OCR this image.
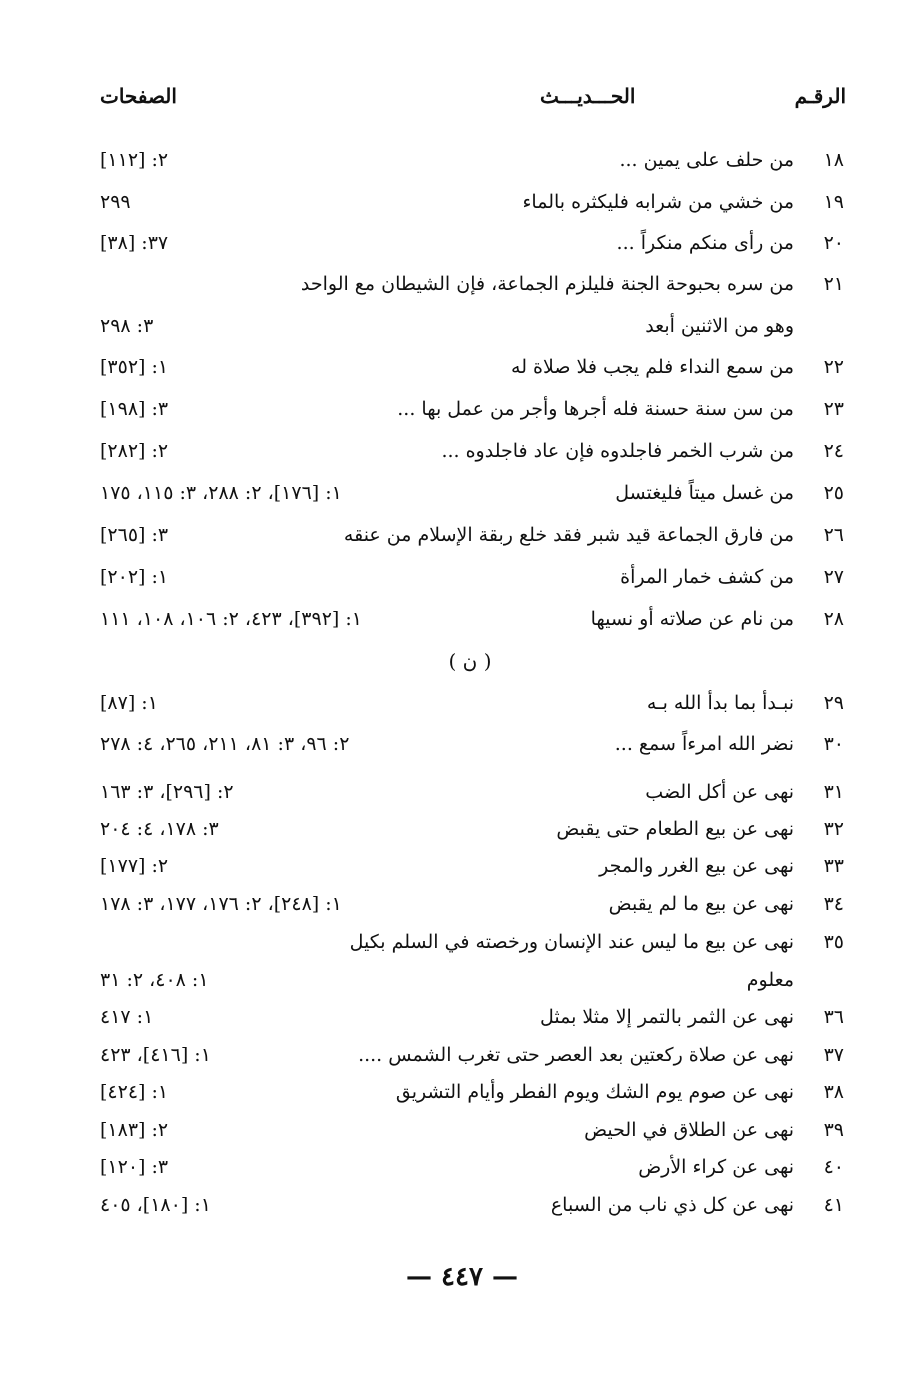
الرقـم
الحـــديـــث
الصفحات
١٨
من حلف على يمين ...
٢: [١١٢]
١٩
من خشي من شرابه فليكثره بالماء
٢٩٩
٢٠
من رأى منكم منكراً ...
٣٧: [٣٨]
٢١
من سره بحبوحة الجنة فليلزم الجماعة، فإن الشيطان مع الواحد
وهو من الاثنين أبعد
٣: ٢٩٨
٢٢
من سمع النداء فلم يجب فلا صلاة له
١: [٣٥٢]
٢٣
من سن سنة حسنة فله أجرها وأجر من عمل بها ...
٣: [١٩٨]
٢٤
من شرب الخمر فاجلدوه فإن عاد فاجلدوه ...
٢: [٢٨٢]
٢٥
من غسل ميتاً فليغتسل
١: [١٧٦]، ٢: ٢٨٨، ٣: ١١٥، ١٧٥
٢٦
من فارق الجماعة قيد شبر فقد خلع ربقة الإسلام من عنقه
٣: [٢٦٥]
٢٧
من كشف خمار المرأة
١: [٢٠٢]
٢٨
من نام عن صلاته أو نسيها
١: [٣٩٢]، ٤٢٣، ٢: ١٠٦، ١٠٨، ١١١
( ن )
٢٩
نبـدأ بما بدأ الله بـه
١: [٨٧]
٣٠
نضر الله امرءاً سمع ...
٢: ٩٦، ٣: ٨١، ٢١١، ٢٦٥، ٤: ٢٧٨
٣١
نهى عن أكل الضب
٢: [٢٩٦]، ٣: ١٦٣
٣٢
نهى عن بيع الطعام حتى يقبض
٣: ١٧٨، ٤: ٢٠٤
٣٣
نهى عن بيع الغرر والمجر
٢: [١٧٧]
٣٤
نهى عن بيع ما لم يقبض
١: [٢٤٨]، ٢: ١٧٦، ١٧٧، ٣: ١٧٨
٣٥
نهى عن بيع ما ليس عند الإنسان ورخصته في السلم بكيل
معلوم
١: ٤٠٨، ٢: ٣١
٣٦
نهى عن الثمر بالتمر إلا مثلا بمثل
١: ٤١٧
٣٧
نهى عن صلاة ركعتين بعد العصر حتى تغرب الشمس ....
١: [٤١٦]، ٤٢٣
٣٨
نهى عن صوم يوم الشك ويوم الفطر وأيام التشريق
١: [٤٢٤]
٣٩
نهى عن الطلاق في الحيض
٢: [١٨٣]
٤٠
نهى عن كراء الأرض
٣: [١٢٠]
٤١
نهى عن كل ذي ناب من السباع
١: [١٨٠]، ٤٠٥
— ٤٤٧ —
